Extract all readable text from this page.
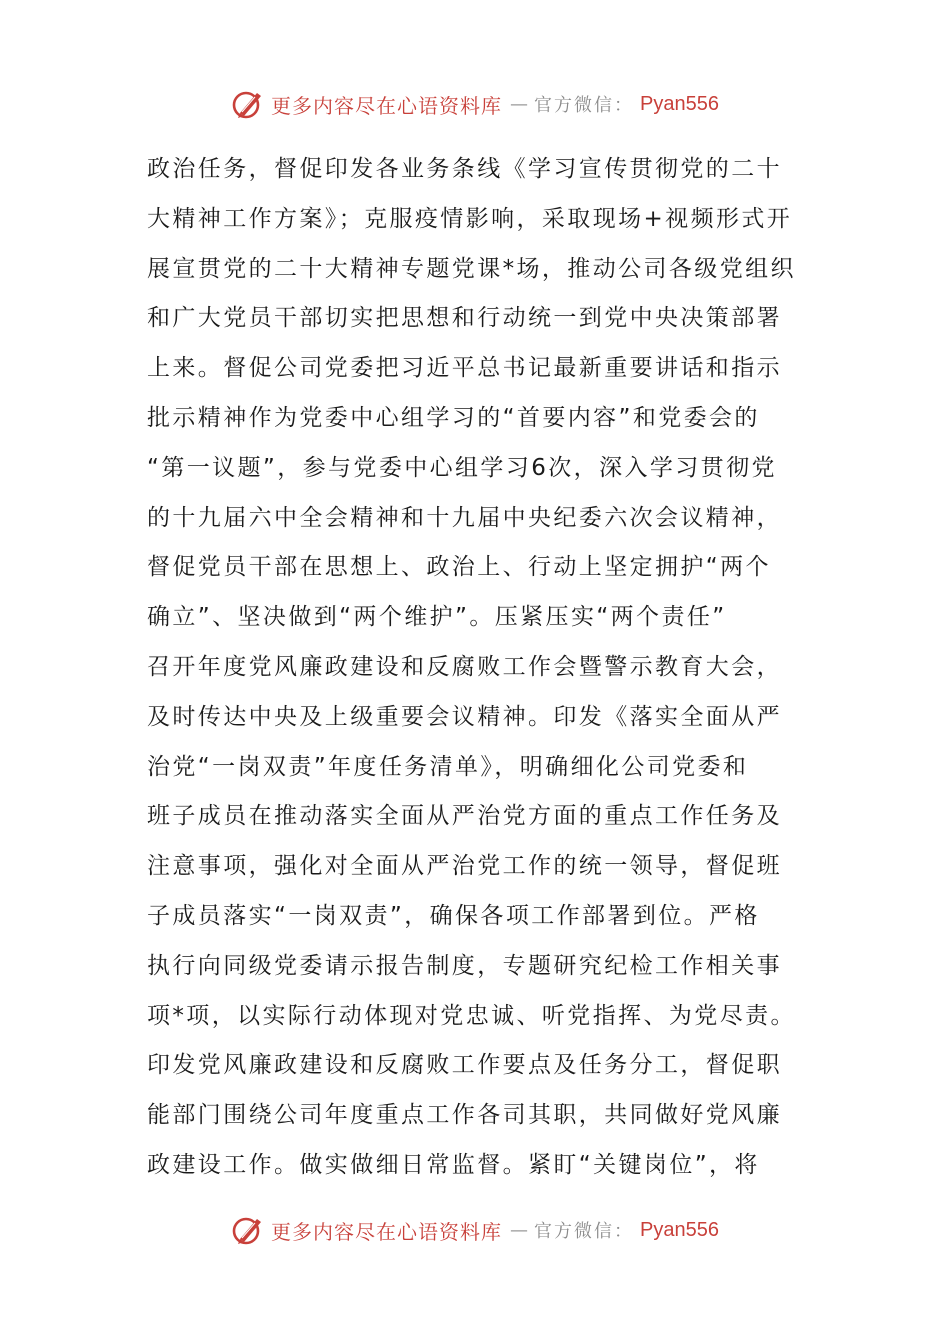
更多内容尽在心语资料库 — 官方微信： Pyan556
政治任务，督促印发各业务条线《学习宣传贯彻党的二十
大精神工作方案》；克服疫情影响，采取现场+视频形式开
展宣贯党的二十大精神专题党课*场，推动公司各级党组织
和广大党员干部切实把思想和行动统一到党中央决策部署
上来。督促公司党委把习近平总书记最新重要讲话和指示
批示精神作为党委中心组学习的“首要内容”和党委会的
“第一议题”，参与党委中心组学习6次，深入学习贯彻党
的十九届六中全会精神和十九届中央纪委六次会议精神，
督促党员干部在思想上、政治上、行动上坚定拥护“两个
确立”、坚决做到“两个维护”。压紧压实“两个责任”
召开年度党风廉政建设和反腐败工作会暨警示教育大会，
及时传达中央及上级重要会议精神。印发《落实全面从严
治党“一岗双责”年度任务清单》，明确细化公司党委和
班子成员在推动落实全面从严治党方面的重点工作任务及
注意事项，强化对全面从严治党工作的统一领导，督促班
子成员落实“一岗双责”，确保各项工作部署到位。严格
执行向同级党委请示报告制度，专题研究纪检工作相关事
项*项，以实际行动体现对党忠诚、听党指挥、为党尽责。
印发党风廉政建设和反腐败工作要点及任务分工，督促职
能部门围绕公司年度重点工作各司其职，共同做好党风廉
政建设工作。做实做细日常监督。紧盯“关键岗位”，将
更多内容尽在心语资料库 — 官方微信： Pyan556
